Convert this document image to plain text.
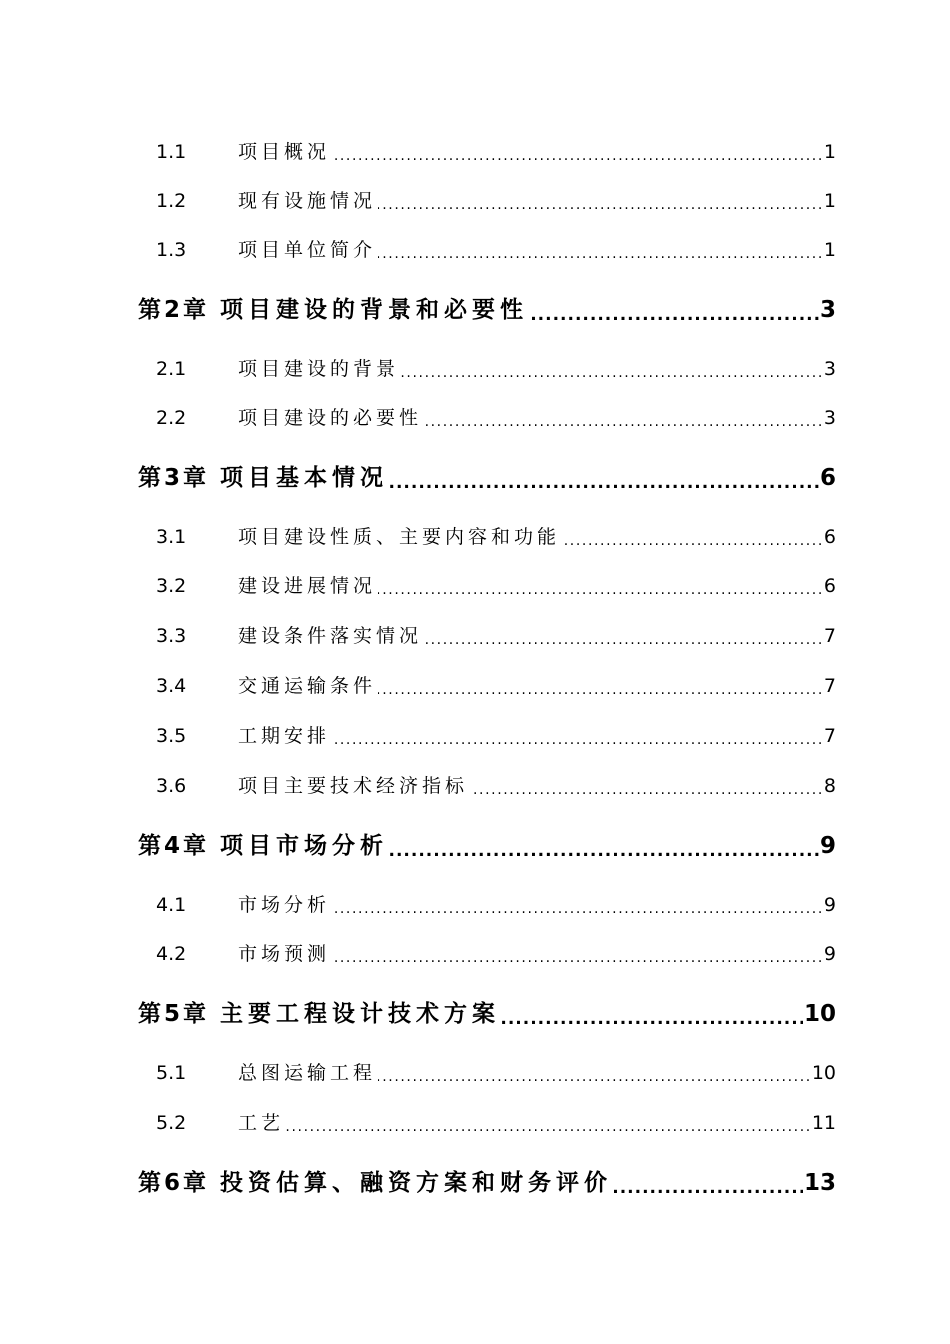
.....
1.1	项目概况	1
.....
1.2	现有设施情况	1
.....
1.3	项目单位简介	1
.....
第2章 项目建设的背景和必要性	3
.....
2.1	项目建设的背景	3
.....
2.2	项目建设的必要性	3
.....
第3章 项目基本情况	6
.....
3.1	项目建设性质、主要内容和功能	6
.....
3.2	建设进展情况	6
.....
3.3	建设条件落实情况	7
.....
3.4	交通运输条件	7
.....
3.5	工期安排	7
.....
3.6	项目主要技术经济指标	8
.....
第4章 项目市场分析	9
.....
4.1	市场分析	9
.....
4.2	市场预测	9
.....
第5章 主要工程设计技术方案	10
.....
5.1	总图运输工程	10
.....
5.2	工艺	11
.....
第6章 投资估算、融资方案和财务评价	13
